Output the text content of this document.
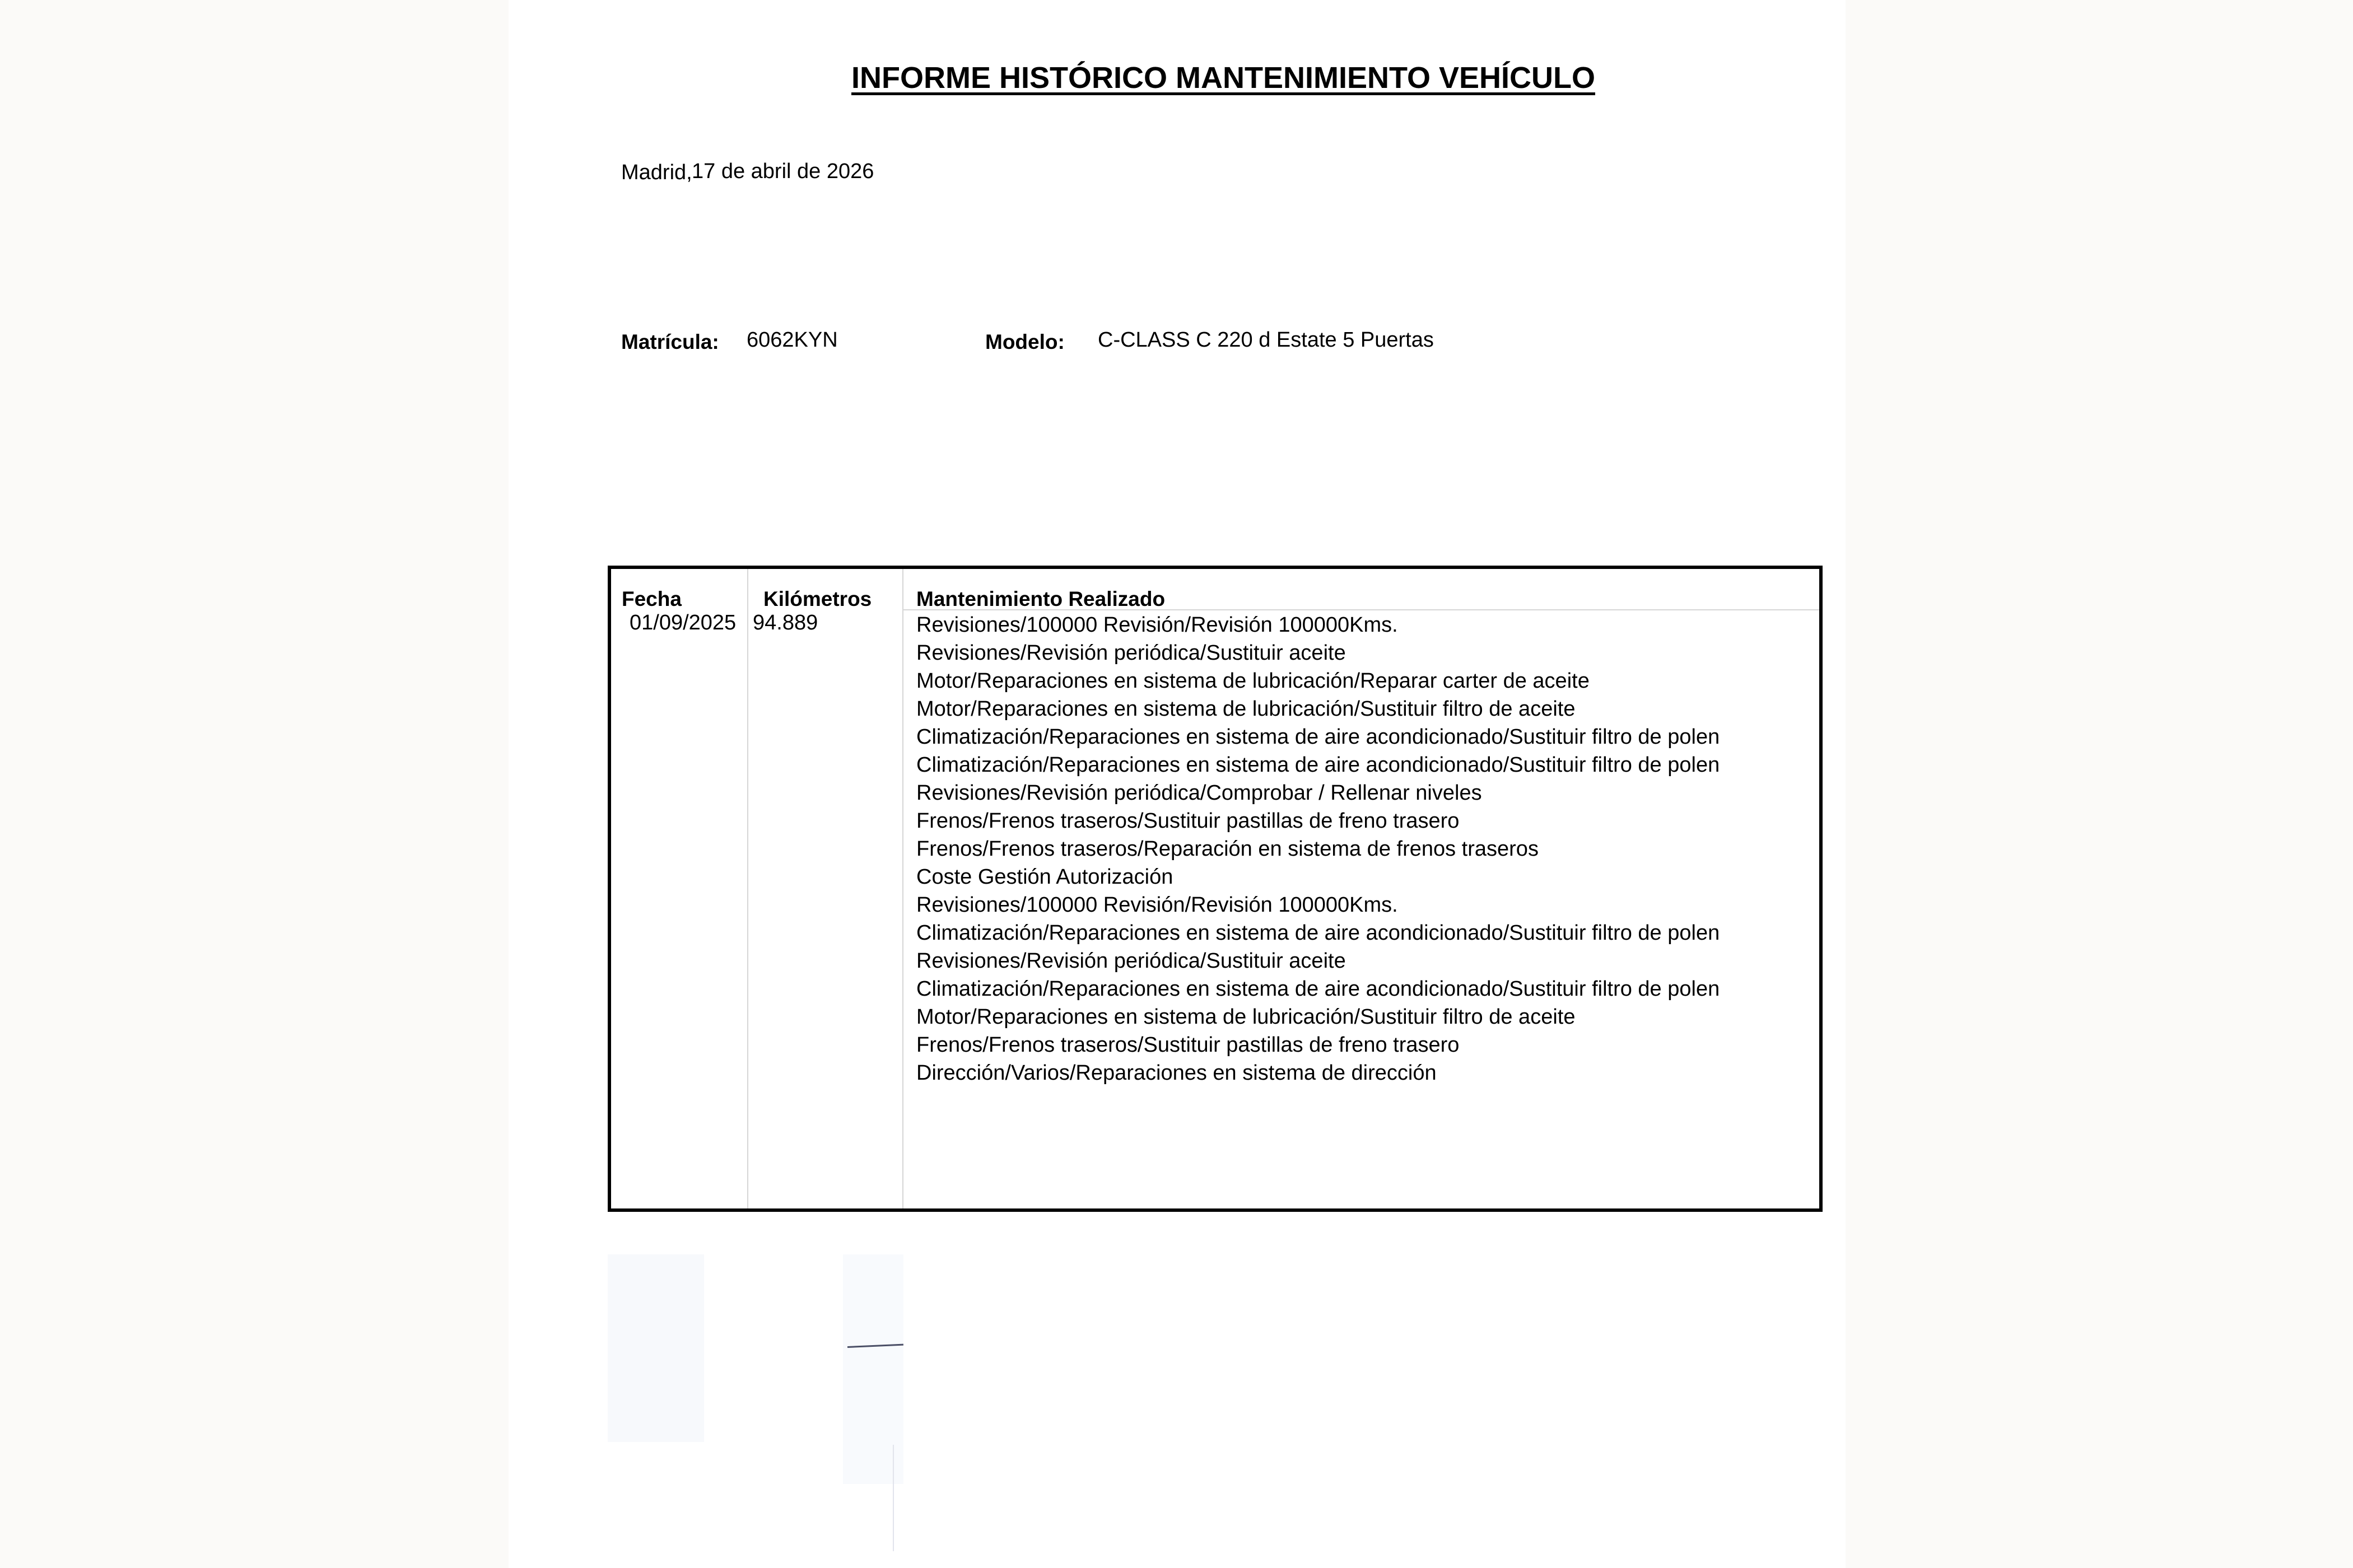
INFORME HISTÓRICO MANTENIMIENTO VEHÍCULO
Madrid, 17 de abril de 2026
Matrícula: 6062KYN	Modelo: C-CLASS C 220 d Estate 5 Puertas
Fecha	Kilómetros Mantenimiento Realizado
01/09/2025 94.889	Revisiones/100000 Revisión/Revisión 100000Kms.
Revisiones/Revisión periódica/Sustituir aceite
Motor/Reparaciones en sistema de lubricación/Reparar carter de aceite
Motor/Reparaciones en sistema de lubricación/Sustituir filtro de aceite
Climatización/Reparaciones en sistema de aire acondicionado/Sustituir filtro de polen
Climatización/Reparaciones en sistema de aire acondicionado/Sustituir filtro de polen
Revisiones/Revisión periódica/Comprobar / Rellenar niveles
Frenos/Frenos traseros/Sustituir pastillas de freno trasero
Frenos/Frenos traseros/Reparación en sistema de frenos traseros
Coste Gestión Autorización
Revisiones/100000 Revisión/Revisión 100000Kms.
Climatización/Reparaciones en sistema de aire acondicionado/Sustituir filtro de polen
Revisiones/Revisión periódica/Sustituir aceite
Climatización/Reparaciones en sistema de aire acondicionado/Sustituir filtro de polen
Motor/Reparaciones en sistema de lubricación/Sustituir filtro de aceite
Frenos/Frenos traseros/Sustituir pastillas de freno trasero
Dirección/Varios/Reparaciones en sistema de dirección
